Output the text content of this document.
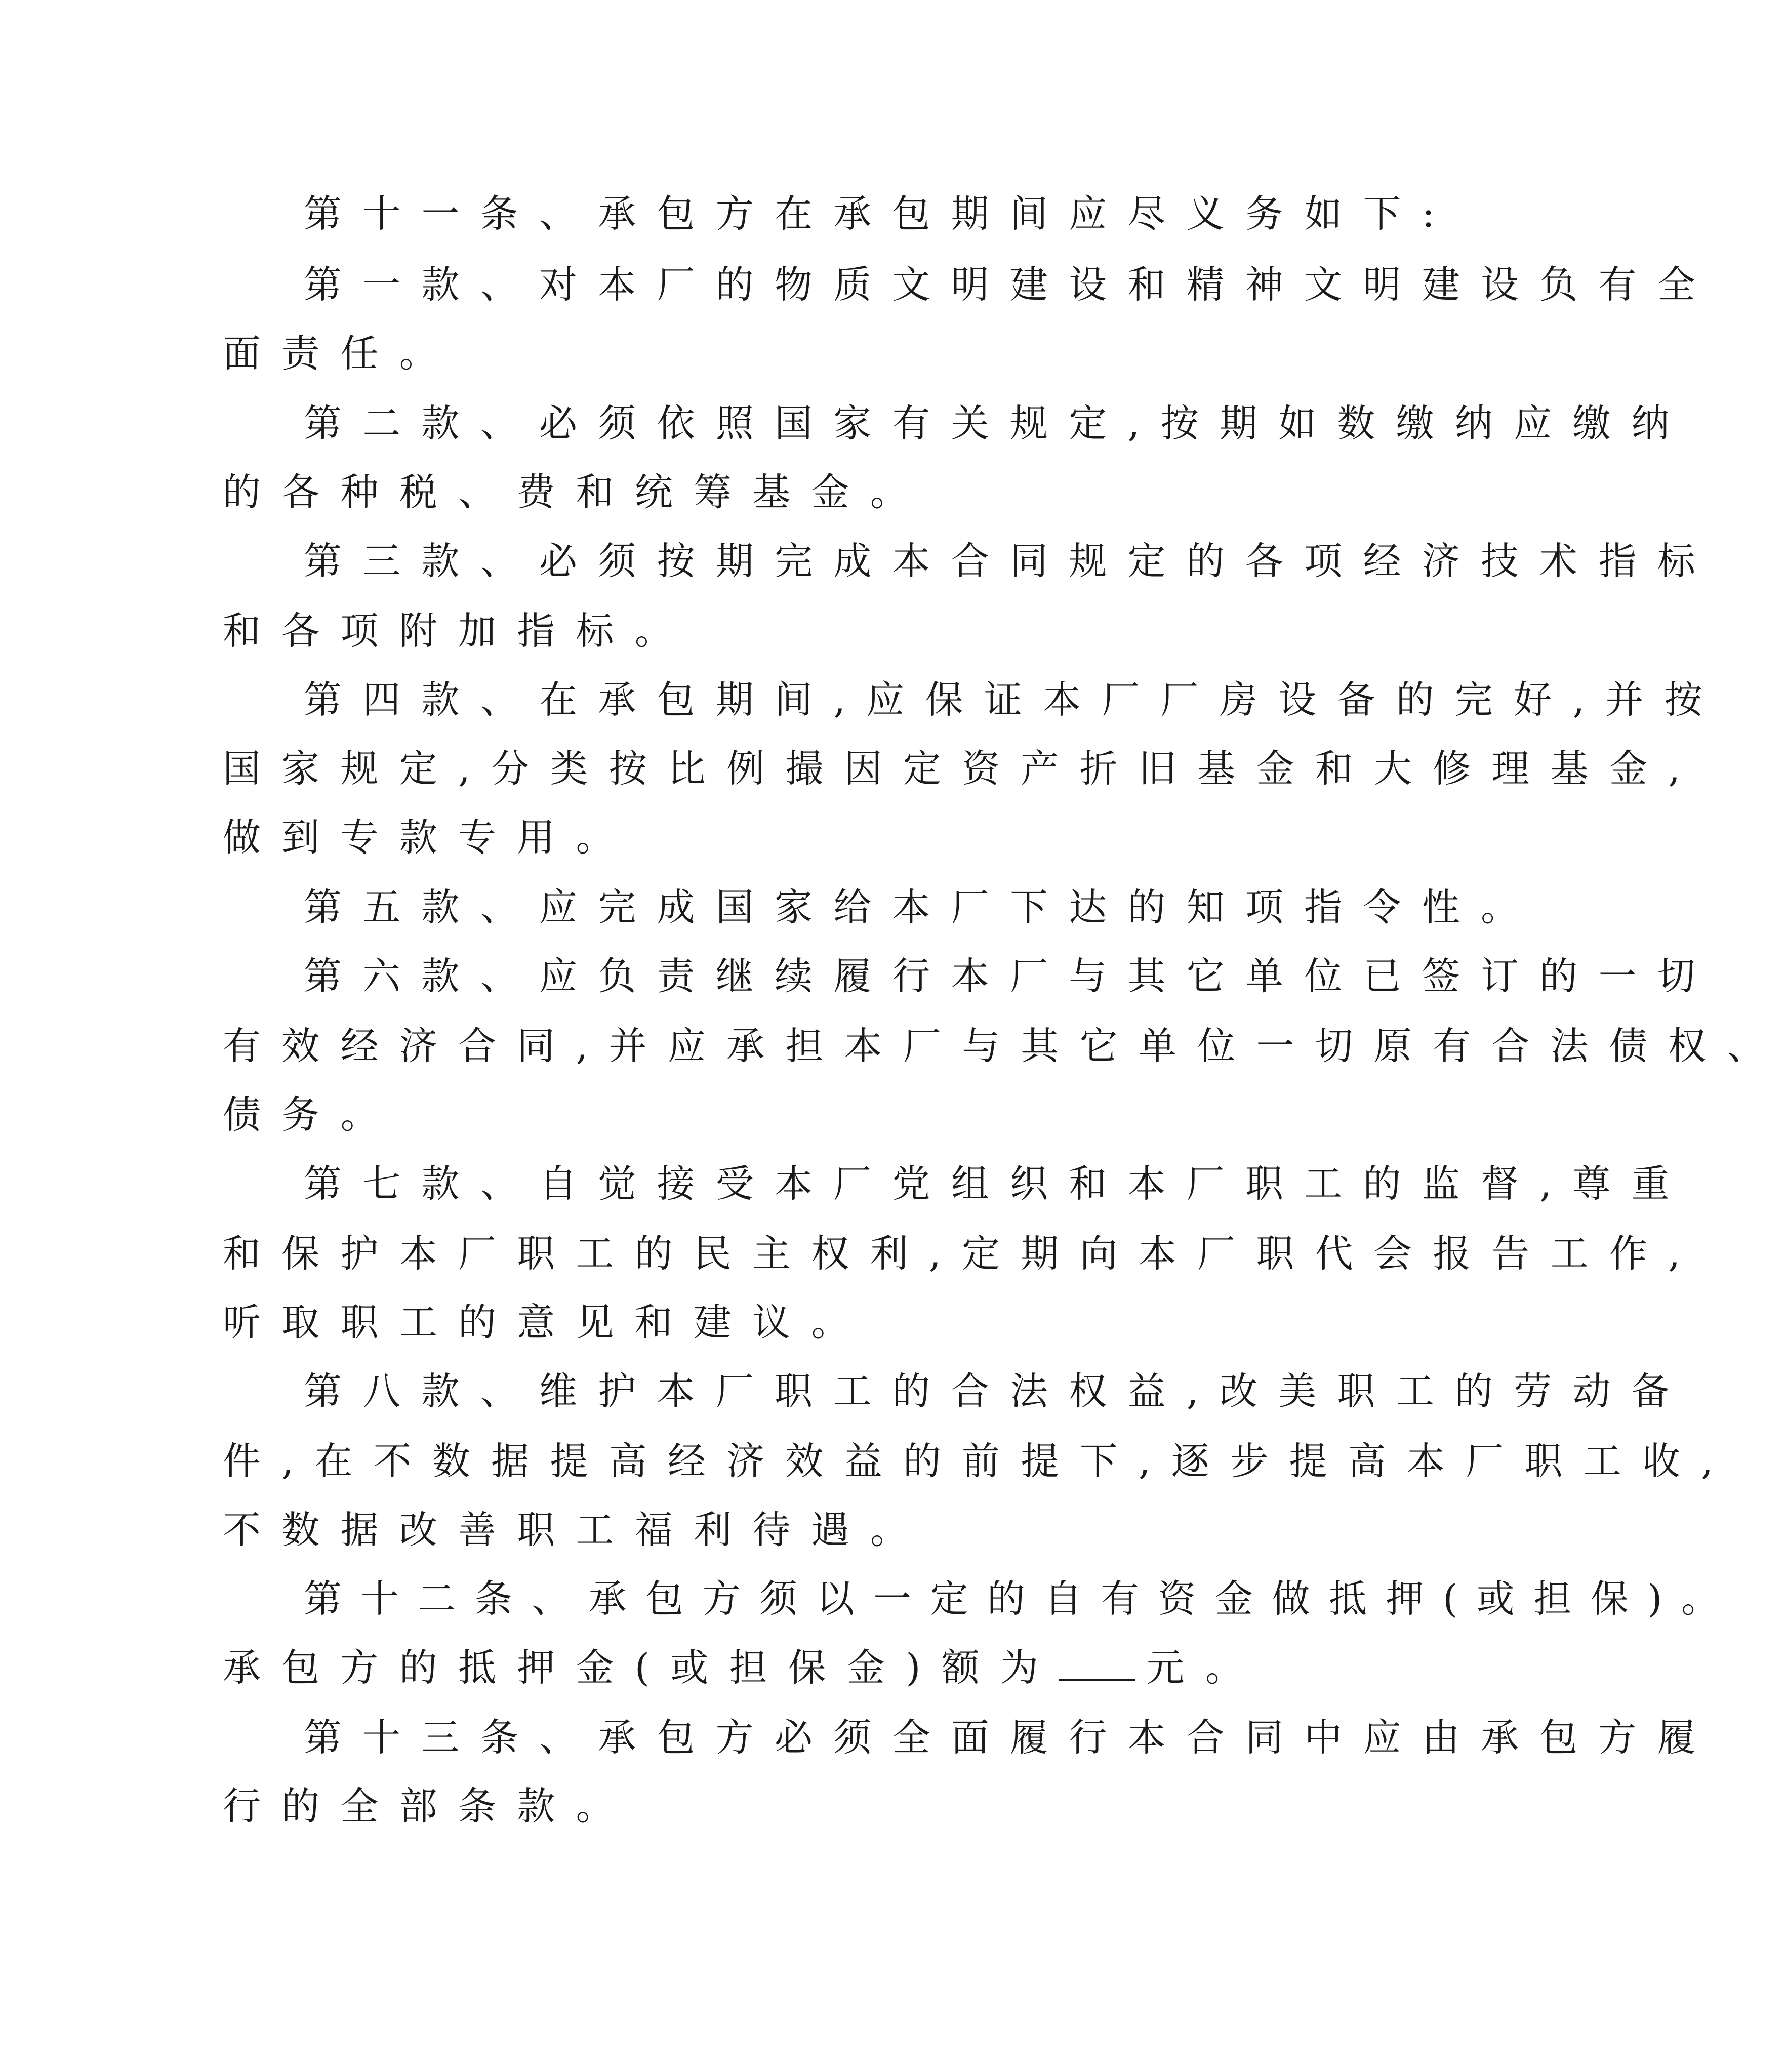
第十一条、承包方在承包期间应尽义务如下:

第一款、对本厂的物质文明建设和精神文明建设负有全

面责任。

第二款、必须依照国家有关规定,按期如数缴纳应缴纳

的各种税、费和统筹基金。

第三款、必须按期完成本合同规定的各项经济技术指标

和各项附加指标。

第四款、在承包期间,应保证本厂厂房设备的完好,并按

国家规定,分类按比例撮因定资产折旧基金和大修理基金,

做到专款专用。

第五款、应完成国家给本厂下达的知项指令性。

第六款、应负责继续履行本厂与其它单位已签订的一切

有效经济合同,并应承担本厂与其它单位一切原有合法债权、

债务。

第七款、自觉接受本厂党组织和本厂职工的监督,尊重

和保护本厂职工的民主权利,定期向本厂职代会报告工作,

听取职工的意见和建议。

第八款、维护本厂职工的合法权益,改美职工的劳动备

件,在不数据提高经济效益的前提下,逐步提高本厂职工收,

不数据改善职工福利待遇。

第十二条、承包方须以一定的自有资金做抵押(或担保)。

承包方的抵押金(或担保金)额为 元。

第十三条、承包方必须全面履行本合同中应由承包方履

行的全部条款。
